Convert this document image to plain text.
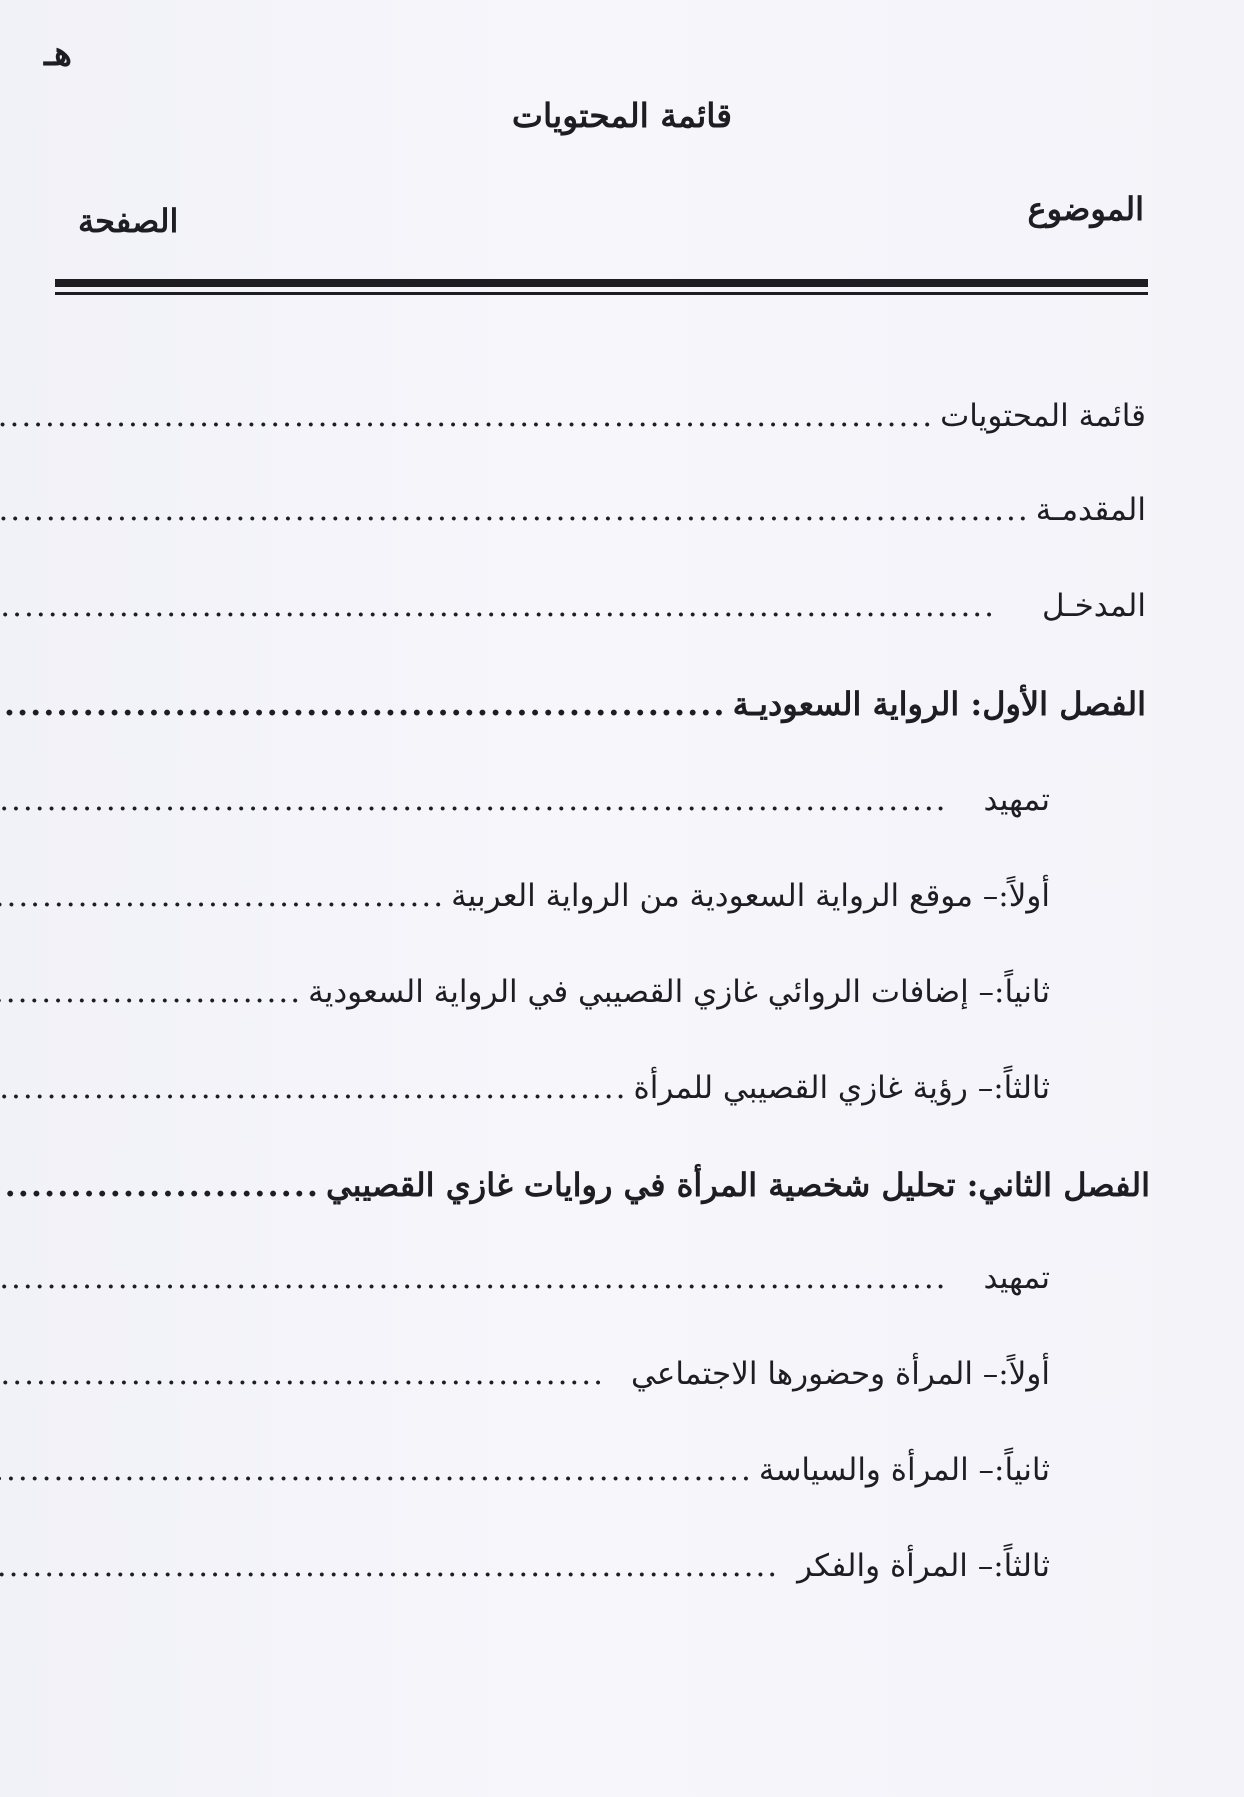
هـ
قائمة المحتويات
الموضوع
الصفحة
قائمة المحتويات
.....
المقدمـة
.....
المدخـل
.....
الفصل الأول: الرواية السعوديـة
.....
تمهيد
.....
أولاً:– موقع الرواية السعودية من الرواية العربية
.....
ثانياً:– إضافات الروائي غازي القصيبي في الرواية السعودية
.....
ثالثاً:– رؤية غازي القصيبي للمرأة
.....
الفصل الثاني: تحليل شخصية المرأة في روايات غازي القصيبي
.....
تمهيد
.....
أولاً:– المرأة وحضورها الاجتماعي
.....
ثانياً:– المرأة والسياسة
.....
ثالثاً:– المرأة والفكر
.....
